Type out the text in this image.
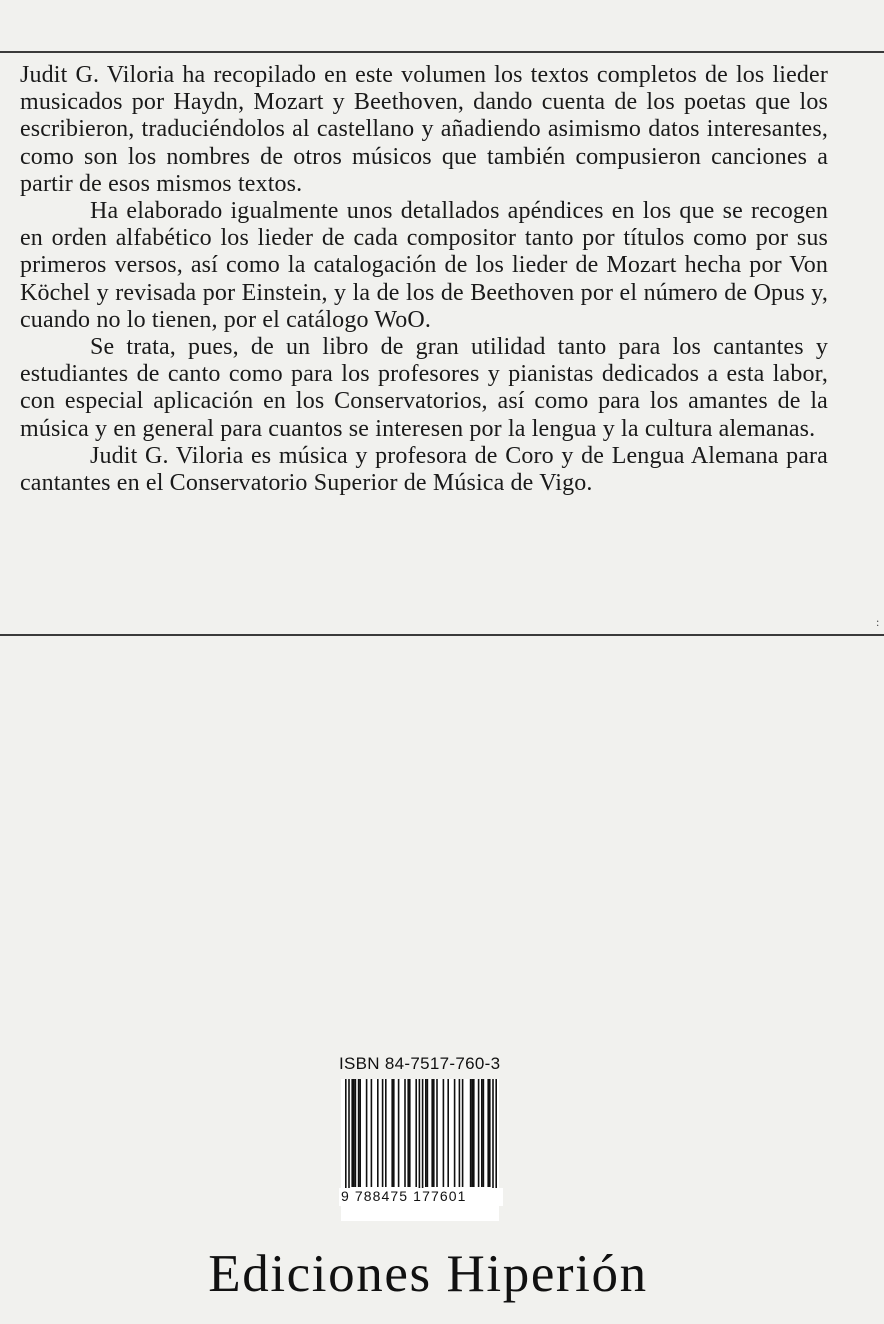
Judit G. Viloria ha recopilado en este volumen los textos completos de los lieder musicados por Haydn, Mozart y Beethoven, dando cuenta de los poetas que los escribieron, traduciéndolos al castellano y añadiendo asimismo datos interesantes, como son los nombres de otros músicos que también compusieron canciones a partir de esos mismos textos.

Ha elaborado igualmente unos detallados apéndices en los que se recogen en orden alfabético los lieder de cada compositor tanto por títulos como por sus primeros versos, así como la catalogación de los lieder de Mozart hecha por Von Köchel y revisada por Einstein, y la de los de Beethoven por el número de Opus y, cuando no lo tienen, por el catálogo WoO.

Se trata, pues, de un libro de gran utilidad tanto para los cantantes y estudiantes de canto como para los profesores y pianistas dedicados a esta labor, con especial aplicación en los Conservatorios, así como para los amantes de la música y en general para cuantos se interesen por la lengua y la cultura alemanas.

Judit G. Viloria es música y profesora de Coro y de Lengua Alemana para cantantes en el Conservatorio Superior de Música de Vigo.

:
ISBN 84-7517-760-3
9 788475 177601
Ediciones Hiperión
